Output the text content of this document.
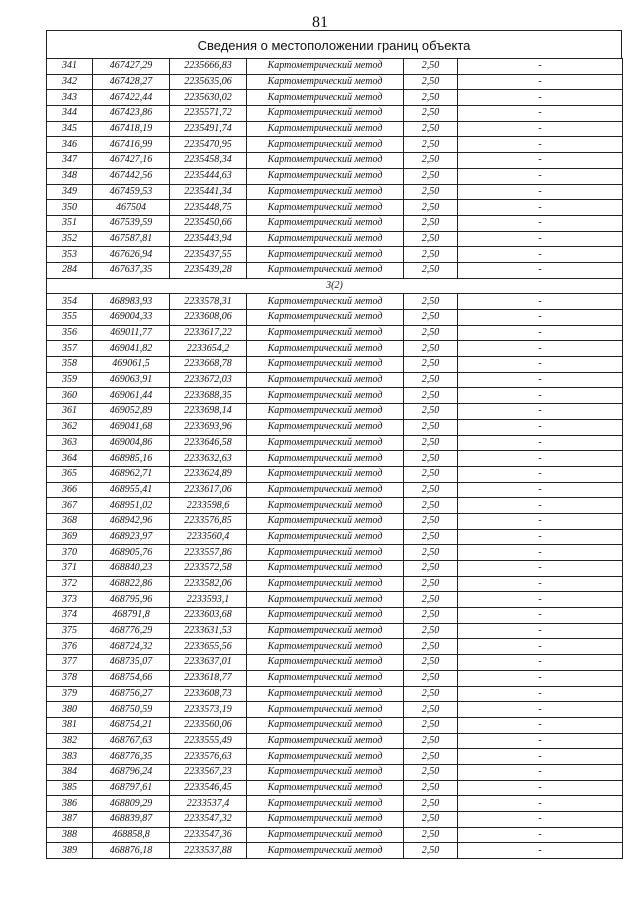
81
Сведения о местоположении границ объекта
341	467427,29	2235666,83	Картометрический метод	2,50	-
342	467428,27	2235635,06	Картометрический метод	2,50	-
343	467422,44	2235630,02	Картометрический метод	2,50	-
344	467423,86	2235571,72	Картометрический метод	2,50	-
345	467418,19	2235491,74	Картометрический метод	2,50	-
346	467416,99	2235470,95	Картометрический метод	2,50	-
347	467427,16	2235458,34	Картометрический метод	2,50	-
348	467442,56	2235444,63	Картометрический метод	2,50	-
349	467459,53	2235441,34	Картометрический метод	2,50	-
350	467504	2235448,75	Картометрический метод	2,50	-
351	467539,59	2235450,66	Картометрический метод	2,50	-
352	467587,81	2235443,94	Картометрический метод	2,50	-
353	467626,94	2235437,55	Картометрический метод	2,50	-
284	467637,35	2235439,28	Картометрический метод	2,50	-
3(2)					
354	468983,93	2233578,31	Картометрический метод	2,50	-
355	469004,33	2233608,06	Картометрический метод	2,50	-
356	469011,77	2233617,22	Картометрический метод	2,50	-
357	469041,82	2233654,2	Картометрический метод	2,50	-
358	469061,5	2233668,78	Картометрический метод	2,50	-
359	469063,91	2233672,03	Картометрический метод	2,50	-
360	469061,44	2233688,35	Картометрический метод	2,50	-
361	469052,89	2233698,14	Картометрический метод	2,50	-
362	469041,68	2233693,96	Картометрический метод	2,50	-
363	469004,86	2233646,58	Картометрический метод	2,50	-
364	468985,16	2233632,63	Картометрический метод	2,50	-
365	468962,71	2233624,89	Картометрический метод	2,50	-
366	468955,41	2233617,06	Картометрический метод	2,50	-
367	468951,02	2233598,6	Картометрический метод	2,50	-
368	468942,96	2233576,85	Картометрический метод	2,50	-
369	468923,97	2233560,4	Картометрический метод	2,50	-
370	468905,76	2233557,86	Картометрический метод	2,50	-
371	468840,23	2233572,58	Картометрический метод	2,50	-
372	468822,86	2233582,06	Картометрический метод	2,50	-
373	468795,96	2233593,1	Картометрический метод	2,50	-
374	468791,8	2233603,68	Картометрический метод	2,50	-
375	468776,29	2233631,53	Картометрический метод	2,50	-
376	468724,32	2233655,56	Картометрический метод	2,50	-
377	468735,07	2233637,01	Картометрический метод	2,50	-
378	468754,66	2233618,77	Картометрический метод	2,50	-
379	468756,27	2233608,73	Картометрический метод	2,50	-
380	468750,59	2233573,19	Картометрический метод	2,50	-
381	468754,21	2233560,06	Картометрический метод	2,50	-
382	468767,63	2233555,49	Картометрический метод	2,50	-
383	468776,35	2233576,63	Картометрический метод	2,50	-
384	468796,24	2233567,23	Картометрический метод	2,50	-
385	468797,61	2233546,45	Картометрический метод	2,50	-
386	468809,29	2233537,4	Картометрический метод	2,50	-
387	468839,87	2233547,32	Картометрический метод	2,50	-
388	468858,8	2233547,36	Картометрический метод	2,50	-
389	468876,18	2233537,88	Картометрический метод	2,50	-
